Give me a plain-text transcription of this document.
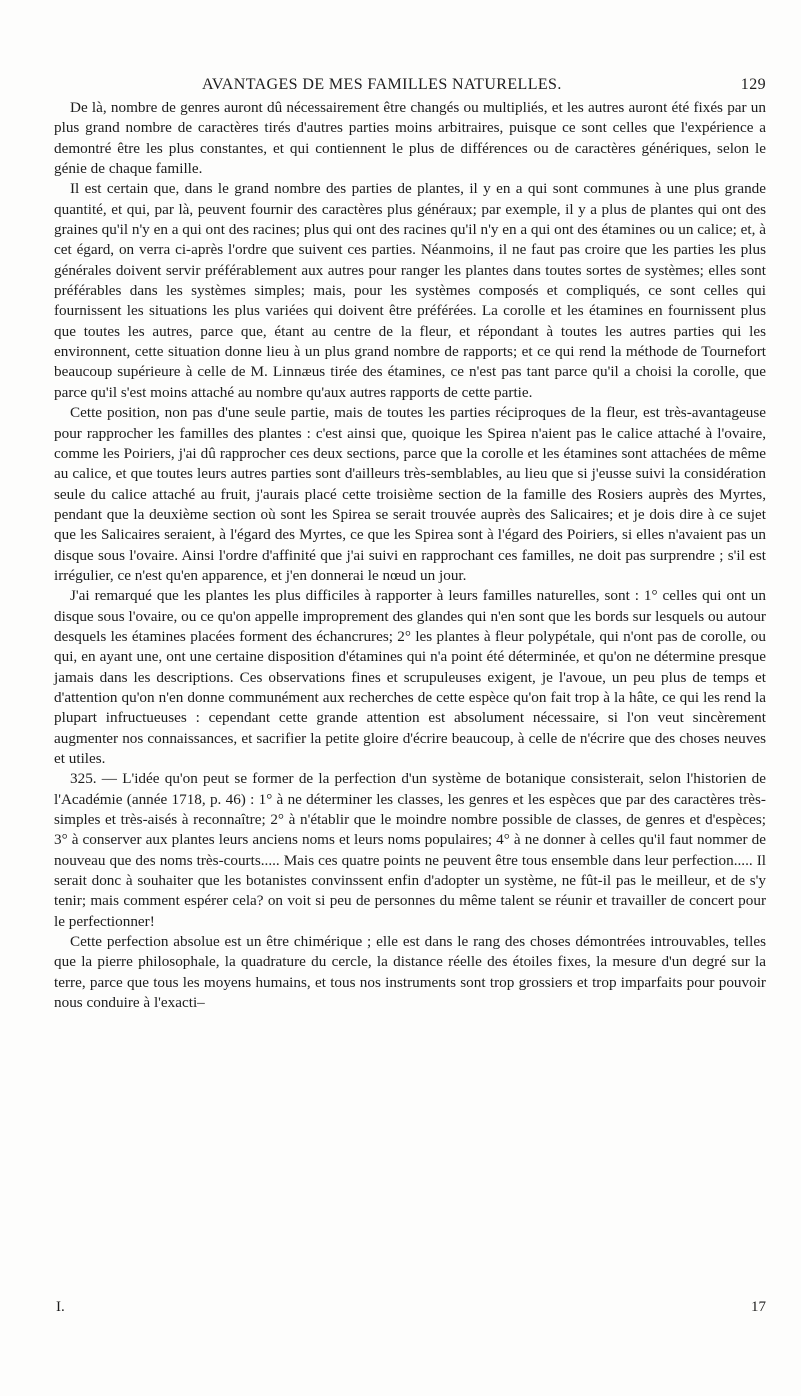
AVANTAGES DE MES FAMILLES NATURELLES.	129

De là, nombre de genres auront dû nécessairement être changés ou multipliés, et les autres auront été fixés par un plus grand nombre de caractères tirés d'autres parties moins arbitraires, puisque ce sont celles que l'expérience a demontré être les plus constantes, et qui contiennent le plus de différences ou de caractères génériques, selon le génie de chaque famille.

Il est certain que, dans le grand nombre des parties de plantes, il y en a qui sont communes à une plus grande quantité, et qui, par là, peuvent fournir des caractères plus généraux; par exemple, il y a plus de plantes qui ont des graines qu'il n'y en a qui ont des racines; plus qui ont des racines qu'il n'y en a qui ont des étamines ou un calice; et, à cet égard, on verra ci-après l'ordre que suivent ces parties. Néanmoins, il ne faut pas croire que les parties les plus générales doivent servir préférablement aux autres pour ranger les plantes dans toutes sortes de systèmes; elles sont préférables dans les systèmes simples; mais, pour les systèmes composés et compliqués, ce sont celles qui fournissent les situations les plus variées qui doivent être préférées. La corolle et les étamines en fournissent plus que toutes les autres, parce que, étant au centre de la fleur, et répondant à toutes les autres parties qui les environnent, cette situation donne lieu à un plus grand nombre de rapports; et ce qui rend la méthode de Tournefort beaucoup supérieure à celle de M. Linnæus tirée des étamines, ce n'est pas tant parce qu'il a choisi la corolle, que parce qu'il s'est moins attaché au nombre qu'aux autres rapports de cette partie.

Cette position, non pas d'une seule partie, mais de toutes les parties réciproques de la fleur, est très-avantageuse pour rapprocher les familles des plantes : c'est ainsi que, quoique les Spirea n'aient pas le calice attaché à l'ovaire, comme les Poiriers, j'ai dû rapprocher ces deux sections, parce que la corolle et les étamines sont attachées de même au calice, et que toutes leurs autres parties sont d'ailleurs très-semblables, au lieu que si j'eusse suivi la considération seule du calice attaché au fruit, j'aurais placé cette troisième section de la famille des Rosiers auprès des Myrtes, pendant que la deuxième section où sont les Spirea se serait trouvée auprès des Salicaires; et je dois dire à ce sujet que les Salicaires seraient, à l'égard des Myrtes, ce que les Spirea sont à l'égard des Poiriers, si elles n'avaient pas un disque sous l'ovaire. Ainsi l'ordre d'affinité que j'ai suivi en rapprochant ces familles, ne doit pas surprendre ; s'il est irrégulier, ce n'est qu'en apparence, et j'en donnerai le nœud un jour.

J'ai remarqué que les plantes les plus difficiles à rapporter à leurs familles naturelles, sont : 1° celles qui ont un disque sous l'ovaire, ou ce qu'on appelle improprement des glandes qui n'en sont que les bords sur lesquels ou autour desquels les étamines placées forment des échancrures; 2° les plantes à fleur polypétale, qui n'ont pas de corolle, ou qui, en ayant une, ont une certaine disposition d'étamines qui n'a point été déterminée, et qu'on ne détermine presque jamais dans les descriptions. Ces observations fines et scrupuleuses exigent, je l'avoue, un peu plus de temps et d'attention qu'on n'en donne communément aux recherches de cette espèce qu'on fait trop à la hâte, ce qui les rend la plupart infructueuses : cependant cette grande attention est absolument nécessaire, si l'on veut sincèrement augmenter nos connaissances, et sacrifier la petite gloire d'écrire beaucoup, à celle de n'écrire que des choses neuves et utiles.

325. — L'idée qu'on peut se former de la perfection d'un système de botanique consisterait, selon l'historien de l'Académie (année 1718, p. 46) : 1° à ne déterminer les classes, les genres et les espèces que par des caractères très-simples et très-aisés à reconnaître; 2° à n'établir que le moindre nombre possible de classes, de genres et d'espèces; 3° à conserver aux plantes leurs anciens noms et leurs noms populaires; 4° à ne donner à celles qu'il faut nommer de nouveau que des noms très-courts..... Mais ces quatre points ne peuvent être tous ensemble dans leur perfection..... Il serait donc à souhaiter que les botanistes convinssent enfin d'adopter un système, ne fût-il pas le meilleur, et de s'y tenir; mais comment espérer cela? on voit si peu de personnes du même talent se réunir et travailler de concert pour le perfectionner!

Cette perfection absolue est un être chimérique ; elle est dans le rang des choses démontrées introuvables, telles que la pierre philosophale, la quadrature du cercle, la distance réelle des étoiles fixes, la mesure d'un degré sur la terre, parce que tous les moyens humains, et tous nos instruments sont trop grossiers et trop imparfaits pour pouvoir nous conduire à l'exacti–

I.	17
